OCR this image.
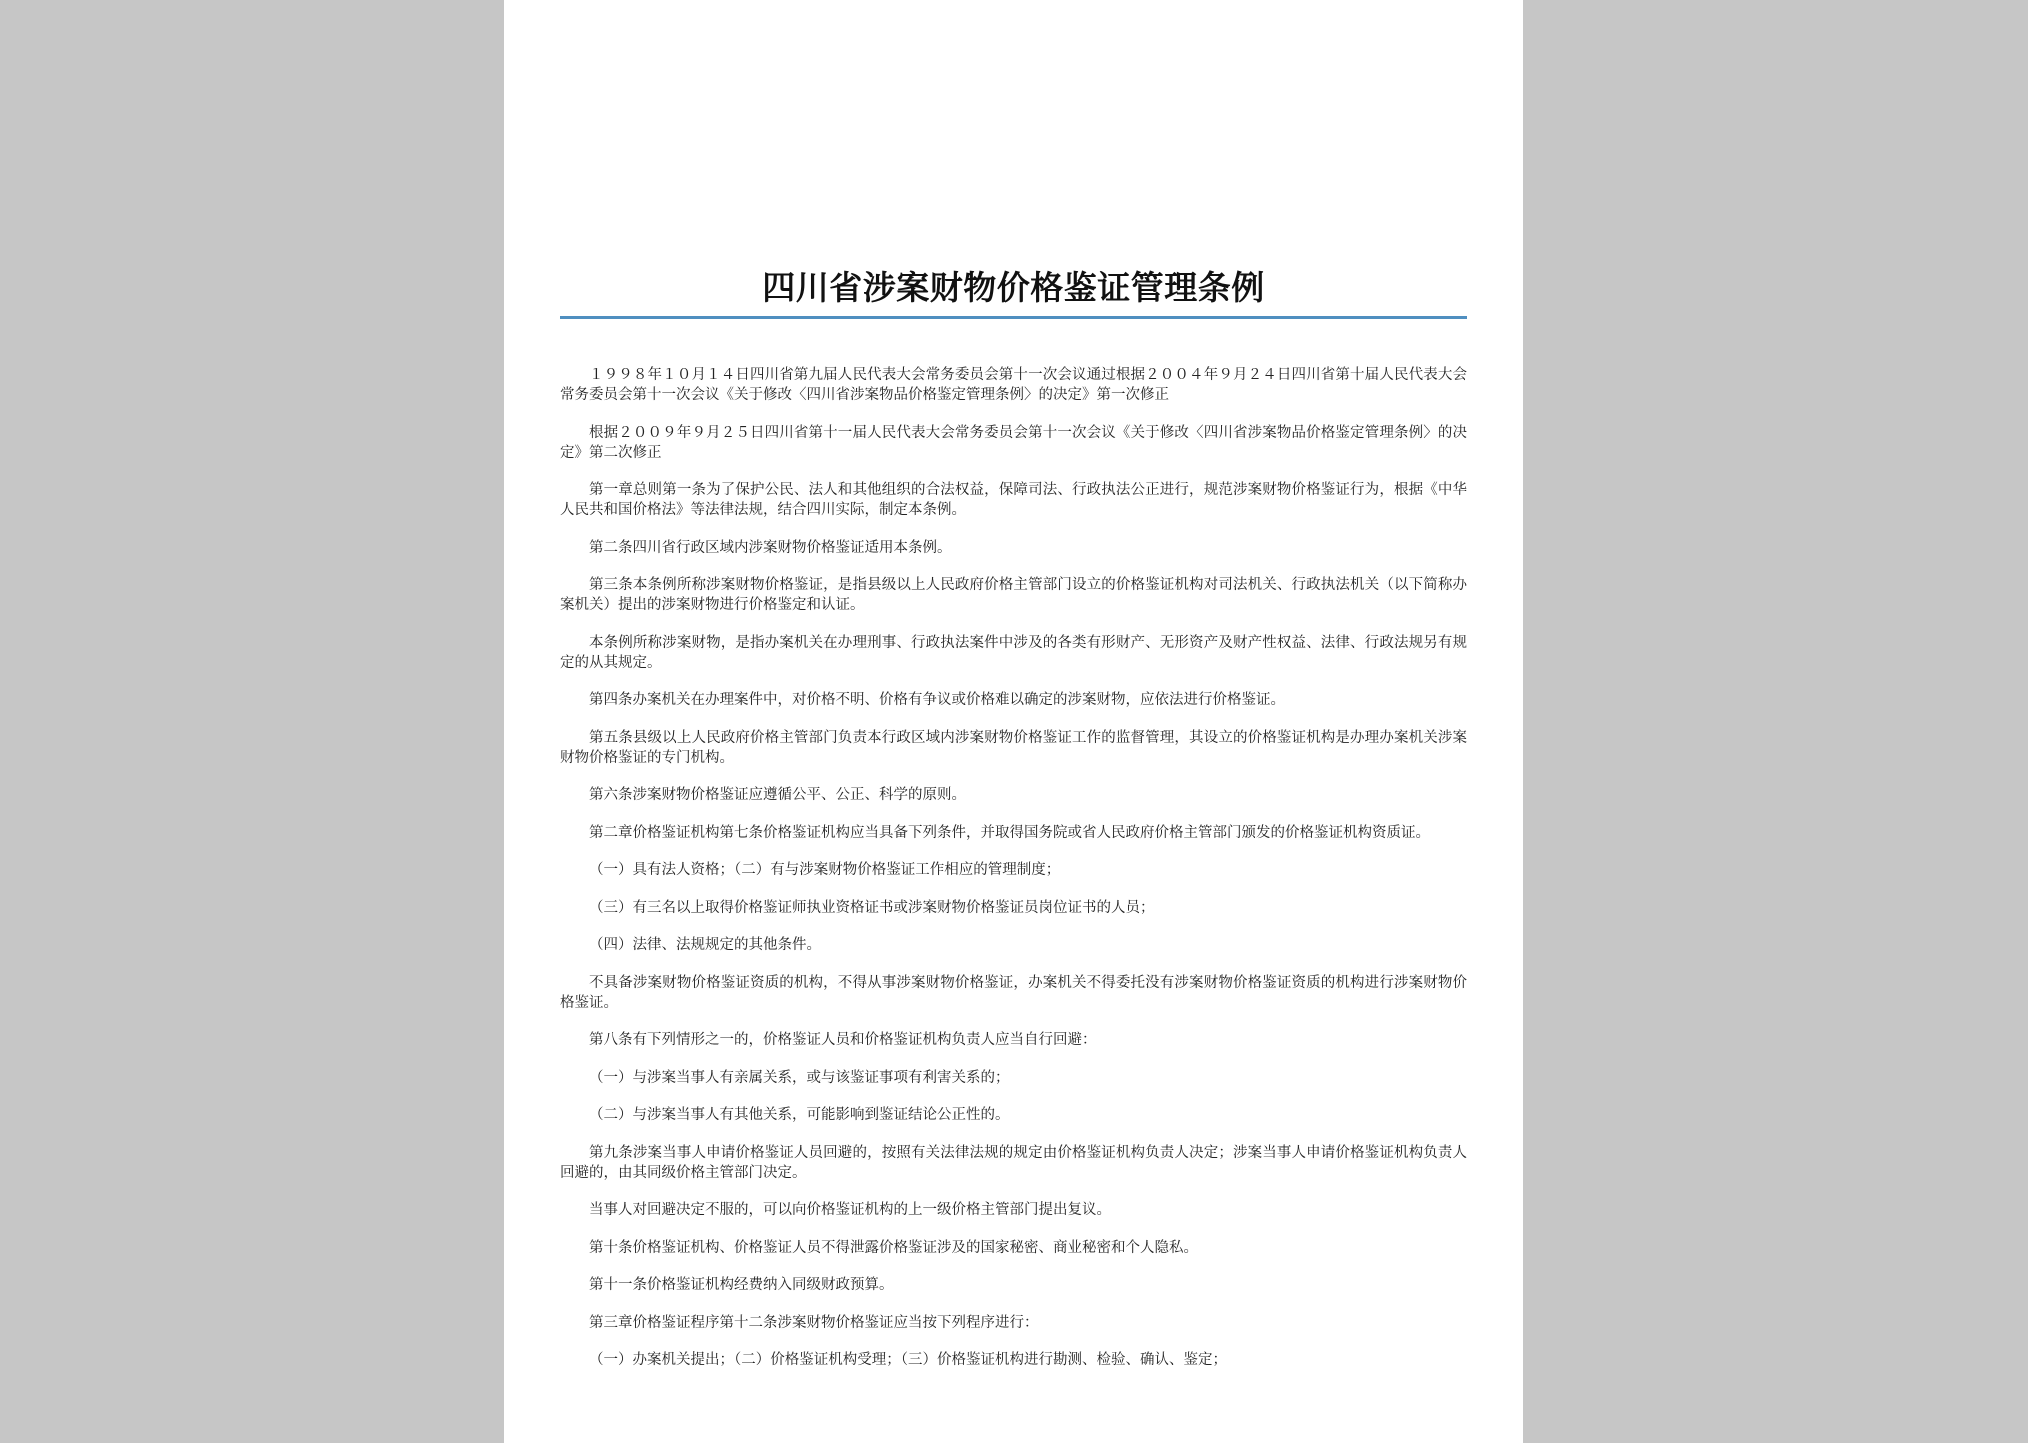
四川省涉案财物价格鉴证管理条例

１９９８年１０月１４日四川省第九届人民代表大会常务委员会第十一次会议通过根据２００４年９月２４日四川省第十届人民代表大会常务委员会第十一次会议《关于修改〈四川省涉案物品价格鉴定管理条例〉的决定》第一次修正

根据２００９年９月２５日四川省第十一届人民代表大会常务委员会第十一次会议《关于修改〈四川省涉案物品价格鉴定管理条例〉的决定》第二次修正

第一章总则第一条为了保护公民、法人和其他组织的合法权益，保障司法、行政执法公正进行，规范涉案财物价格鉴证行为，根据《中华人民共和国价格法》等法律法规，结合四川实际，制定本条例。

第二条四川省行政区域内涉案财物价格鉴证适用本条例。

第三条本条例所称涉案财物价格鉴证，是指县级以上人民政府价格主管部门设立的价格鉴证机构对司法机关、行政执法机关（以下简称办案机关）提出的涉案财物进行价格鉴定和认证。

本条例所称涉案财物，是指办案机关在办理刑事、行政执法案件中涉及的各类有形财产、无形资产及财产性权益、法律、行政法规另有规定的从其规定。

第四条办案机关在办理案件中，对价格不明、价格有争议或价格难以确定的涉案财物，应依法进行价格鉴证。

第五条县级以上人民政府价格主管部门负责本行政区域内涉案财物价格鉴证工作的监督管理，其设立的价格鉴证机构是办理办案机关涉案财物价格鉴证的专门机构。

第六条涉案财物价格鉴证应遵循公平、公正、科学的原则。

第二章价格鉴证机构第七条价格鉴证机构应当具备下列条件，并取得国务院或省人民政府价格主管部门颁发的价格鉴证机构资质证。

（一）具有法人资格；（二）有与涉案财物价格鉴证工作相应的管理制度；

（三）有三名以上取得价格鉴证师执业资格证书或涉案财物价格鉴证员岗位证书的人员；

（四）法律、法规规定的其他条件。

不具备涉案财物价格鉴证资质的机构，不得从事涉案财物价格鉴证，办案机关不得委托没有涉案财物价格鉴证资质的机构进行涉案财物价格鉴证。

第八条有下列情形之一的，价格鉴证人员和价格鉴证机构负责人应当自行回避：

（一）与涉案当事人有亲属关系，或与该鉴证事项有利害关系的；

（二）与涉案当事人有其他关系，可能影响到鉴证结论公正性的。

第九条涉案当事人申请价格鉴证人员回避的，按照有关法律法规的规定由价格鉴证机构负责人决定；涉案当事人申请价格鉴证机构负责人回避的，由其同级价格主管部门决定。

当事人对回避决定不服的，可以向价格鉴证机构的上一级价格主管部门提出复议。

第十条价格鉴证机构、价格鉴证人员不得泄露价格鉴证涉及的国家秘密、商业秘密和个人隐私。

第十一条价格鉴证机构经费纳入同级财政预算。

第三章价格鉴证程序第十二条涉案财物价格鉴证应当按下列程序进行：

（一）办案机关提出；（二）价格鉴证机构受理；（三）价格鉴证机构进行勘测、检验、确认、鉴定；
